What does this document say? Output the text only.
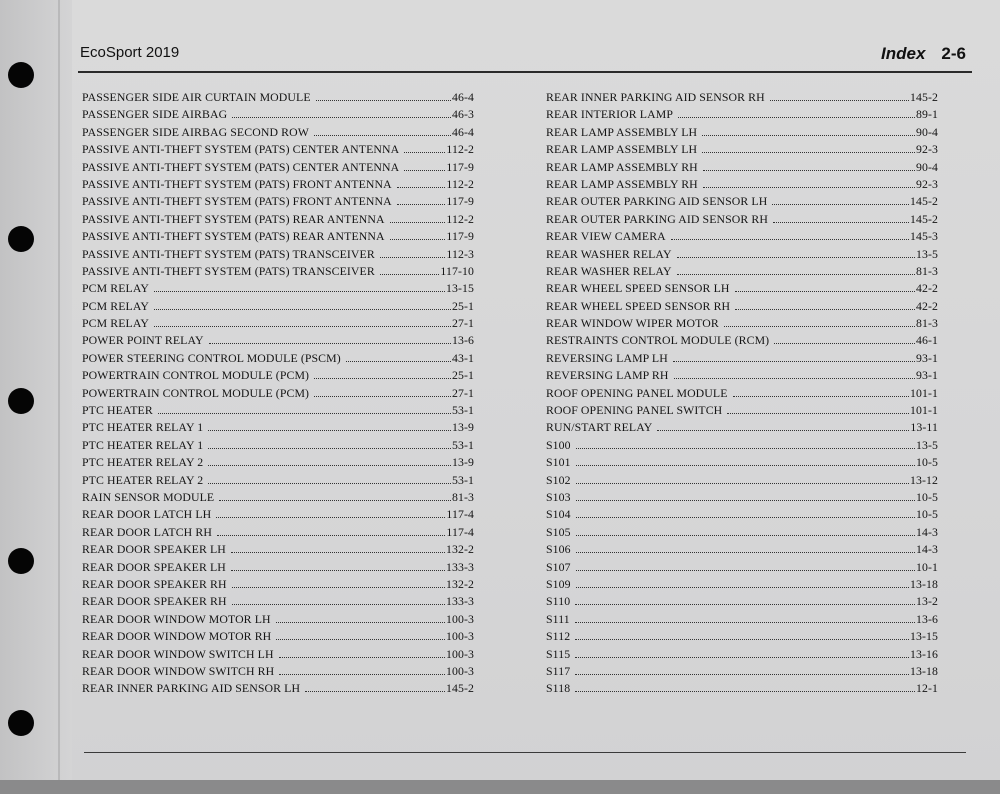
EcoSport 2019	Index 2-6
PASSENGER SIDE AIR CURTAIN MODULE	46-4
PASSENGER SIDE AIRBAG	46-3
PASSENGER SIDE AIRBAG SECOND ROW	46-4
PASSIVE ANTI-THEFT SYSTEM (PATS) CENTER ANTENNA	112-2
PASSIVE ANTI-THEFT SYSTEM (PATS) CENTER ANTENNA	117-9
PASSIVE ANTI-THEFT SYSTEM (PATS) FRONT ANTENNA	112-2
PASSIVE ANTI-THEFT SYSTEM (PATS) FRONT ANTENNA	117-9
PASSIVE ANTI-THEFT SYSTEM (PATS) REAR ANTENNA	112-2
PASSIVE ANTI-THEFT SYSTEM (PATS) REAR ANTENNA	117-9
PASSIVE ANTI-THEFT SYSTEM (PATS) TRANSCEIVER	112-3
PASSIVE ANTI-THEFT SYSTEM (PATS) TRANSCEIVER	117-10
PCM RELAY	13-15
PCM RELAY	25-1
PCM RELAY	27-1
POWER POINT RELAY	13-6
POWER STEERING CONTROL MODULE (PSCM)	43-1
POWERTRAIN CONTROL MODULE (PCM)	25-1
POWERTRAIN CONTROL MODULE (PCM)	27-1
PTC HEATER	53-1
PTC HEATER RELAY 1	13-9
PTC HEATER RELAY 1	53-1
PTC HEATER RELAY 2	13-9
PTC HEATER RELAY 2	53-1
RAIN SENSOR MODULE	81-3
REAR DOOR LATCH LH	117-4
REAR DOOR LATCH RH	117-4
REAR DOOR SPEAKER LH	132-2
REAR DOOR SPEAKER LH	133-3
REAR DOOR SPEAKER RH	132-2
REAR DOOR SPEAKER RH	133-3
REAR DOOR WINDOW MOTOR LH	100-3
REAR DOOR WINDOW MOTOR RH	100-3
REAR DOOR WINDOW SWITCH LH	100-3
REAR DOOR WINDOW SWITCH RH	100-3
REAR INNER PARKING AID SENSOR LH	145-2
REAR INNER PARKING AID SENSOR RH	145-2
REAR INTERIOR LAMP	89-1
REAR LAMP ASSEMBLY LH	90-4
REAR LAMP ASSEMBLY LH	92-3
REAR LAMP ASSEMBLY RH	90-4
REAR LAMP ASSEMBLY RH	92-3
REAR OUTER PARKING AID SENSOR LH	145-2
REAR OUTER PARKING AID SENSOR RH	145-2
REAR VIEW CAMERA	145-3
REAR WASHER RELAY	13-5
REAR WASHER RELAY	81-3
REAR WHEEL SPEED SENSOR LH	42-2
REAR WHEEL SPEED SENSOR RH	42-2
REAR WINDOW WIPER MOTOR	81-3
RESTRAINTS CONTROL MODULE (RCM)	46-1
REVERSING LAMP LH	93-1
REVERSING LAMP RH	93-1
ROOF OPENING PANEL MODULE	101-1
ROOF OPENING PANEL SWITCH	101-1
RUN/START RELAY	13-11
S100	13-5
S101	10-5
S102	13-12
S103	10-5
S104	10-5
S105	14-3
S106	14-3
S107	10-1
S109	13-18
S110	13-2
S111	13-6
S112	13-15
S115	13-16
S117	13-18
S118	12-1
